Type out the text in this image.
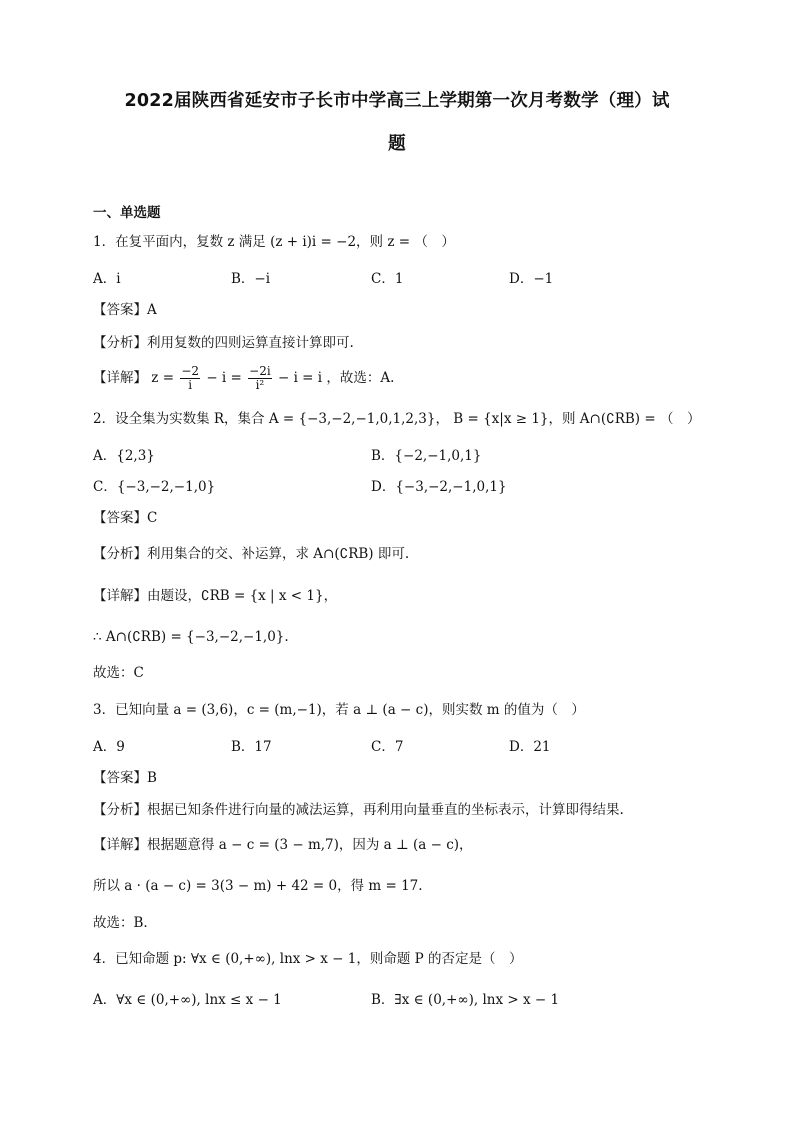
2022届陕西省延安市子长市中学高三上学期第一次月考数学（理）试
题
一、单选题
1．在复平面内，复数 z 满足 (z + i)i = −2，则 z = （　）
A．i	B．−i	C．1	D．−1
【答案】A
【分析】利用复数的四则运算直接计算即可.
【详解】 $z = \frac{-2}{i} - i = \frac{-2i}{\text{i²}} - i = i$ ，故选：A.
2．设全集为实数集 R，集合 A = {−3,−2,−1,0,1,2,3}， B = {x|x ≥ 1}，则 A∩(∁RB) = （　）
A．{2,3}	B．{−2,−1,0,1}
C．{−3,−2,−1,0}	D．{−3,−2,−1,0,1}
【答案】C
【分析】利用集合的交、补运算，求 A∩(∁RB) 即可.
【详解】由题设，∁RB = {x | x < 1}，
∴ A∩(∁RB) = {−3,−2,−1,0}.
故选：C
3．已知向量 a = (3,6)，c = (m,−1)，若 a ⊥ (a − c)，则实数 m 的值为（　）
A．9	B．17	C．7	D．21
【答案】B
【分析】根据已知条件进行向量的减法运算，再利用向量垂直的坐标表示，计算即得结果.
【详解】根据题意得 a − c = (3 − m,7)，因为 a ⊥ (a − c)，
所以 a · (a − c) = 3(3 − m) + 42 = 0，得 m = 17.
故选：B.
4．已知命题 p: ∀x ∈ (0,+∞), lnx > x − 1，则命题 P 的否定是（　）
A．∀x ∈ (0,+∞), lnx ≤ x − 1	B．∃x ∈ (0,+∞), lnx > x − 1
